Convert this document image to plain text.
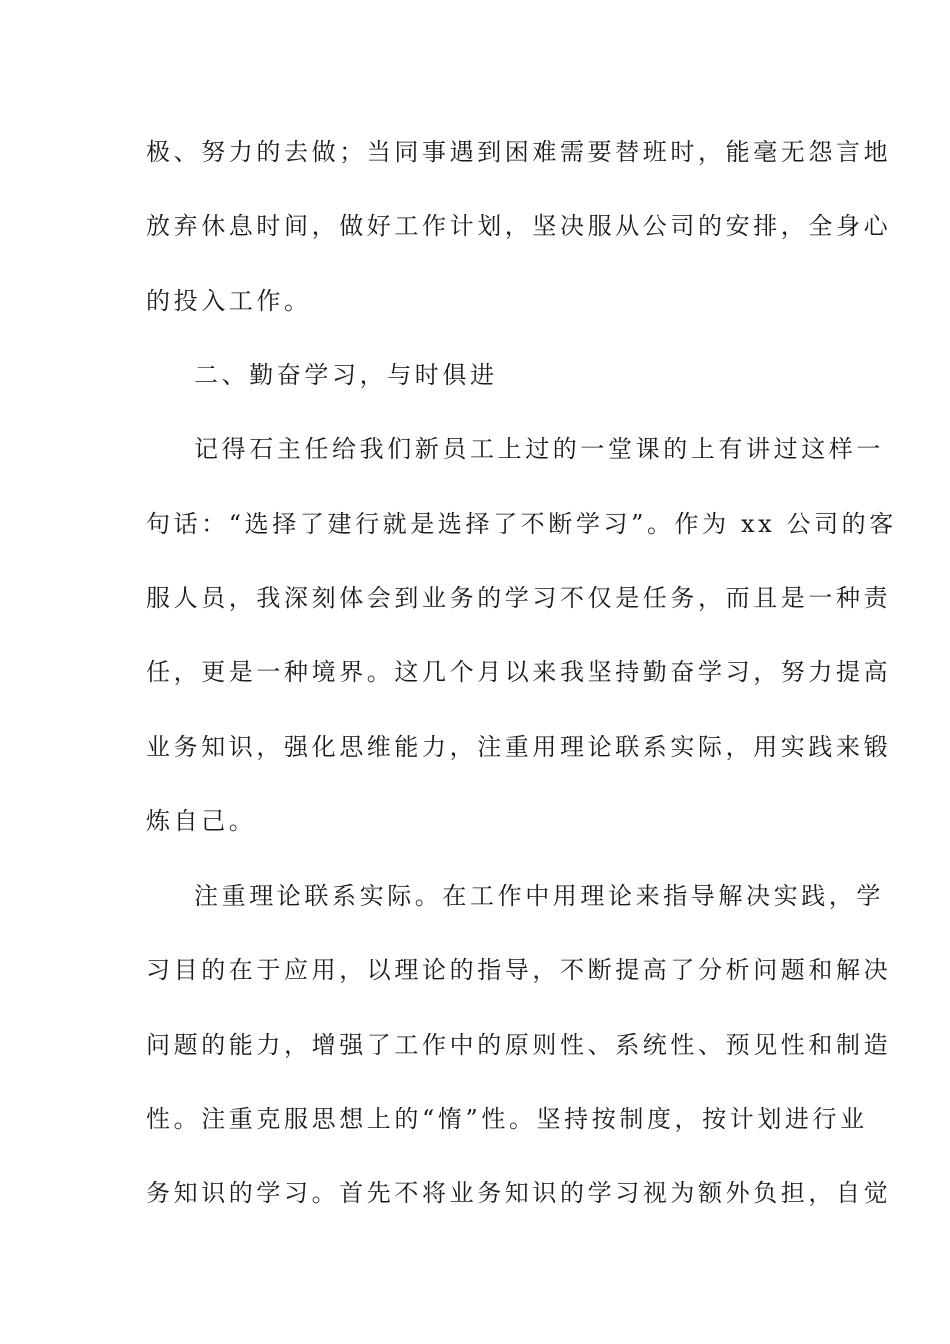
极、努力的去做；当同事遇到困难需要替班时，能毫无怨言地
放弃休息时间，做好工作计划，坚决服从公司的安排，全身心
的投入工作。
二、勤奋学习，与时俱进
记得石主任给我们新员工上过的一堂课的上有讲过这样一
句话：“选择了建行就是选择了不断学习”。作为 xx 公司的客
服人员，我深刻体会到业务的学习不仅是任务，而且是一种责
任，更是一种境界。这几个月以来我坚持勤奋学习，努力提高
业务知识，强化思维能力，注重用理论联系实际，用实践来锻
炼自己。
注重理论联系实际。在工作中用理论来指导解决实践，学
习目的在于应用，以理论的指导，不断提高了分析问题和解决
问题的能力，增强了工作中的原则性、系统性、预见性和制造
性。注重克服思想上的“惰”性。坚持按制度，按计划进行业
务知识的学习。首先不将业务知识的学习视为额外负担，自觉
